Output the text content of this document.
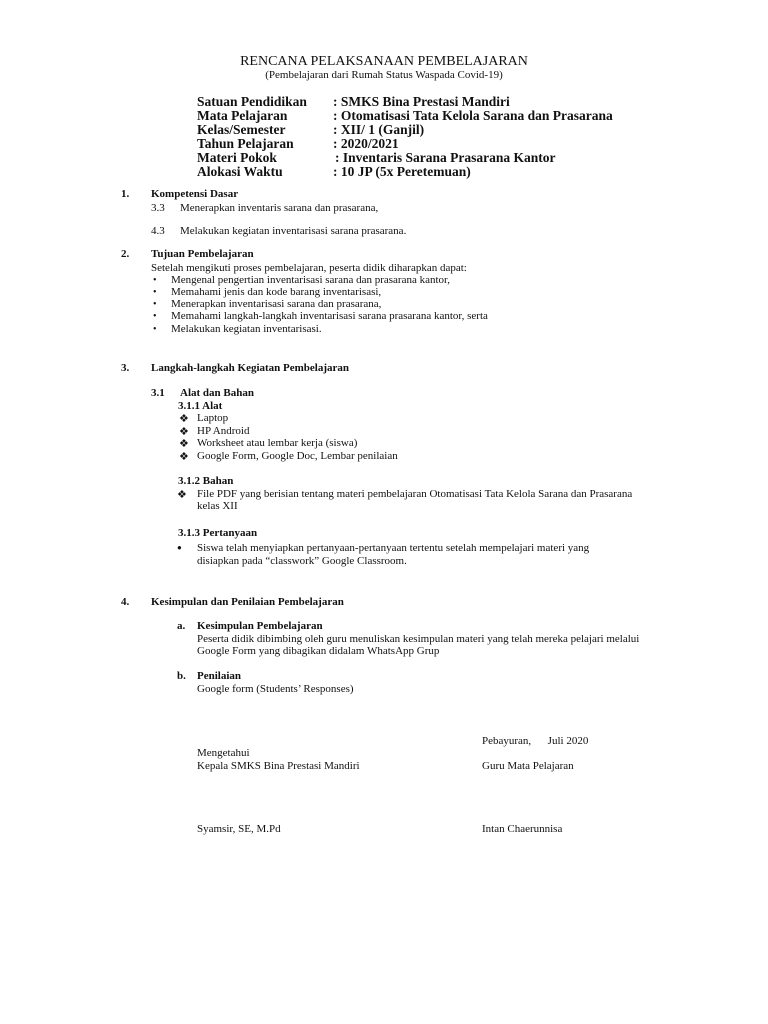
RENCANA PELAKSANAAN PEMBELAJARAN
(Pembelajaran dari Rumah Status Waspada Covid-19)
Satuan Pendidikan : SMKS Bina Prestasi Mandiri
Mata Pelajaran	: Otomatisasi Tata Kelola Sarana dan Prasarana
Kelas/Semester	: XII/ 1 (Ganjil)
Tahun Pelajaran	: 2020/2021
Materi Pokok	: Inventaris Sarana Prasarana Kantor
Alokasi Waktu	: 10 JP (5x Peretemuan)
1. Kompetensi Dasar
3.3 Menerapkan inventaris sarana dan prasarana,
4.3 Melakukan kegiatan inventarisasi sarana prasarana.
2. Tujuan Pembelajaran
Setelah mengikuti proses pembelajaran, peserta didik diharapkan dapat:
• Mengenal pengertian inventarisasi sarana dan prasarana kantor,
• Memahami jenis dan kode barang inventarisasi,
• Menerapkan inventarisasi sarana dan prasarana,
• Memahami langkah-langkah inventarisasi sarana prasarana kantor, serta
• Melakukan kegiatan inventarisasi.
3. Langkah-langkah Kegiatan Pembelajaran
3.1 Alat dan Bahan
3.1.1 Alat
❖ Laptop
❖ HP Android
❖ Worksheet atau lembar kerja (siswa)
❖ Google Form, Google Doc, Lembar penilaian
3.1.2 Bahan
❖ File PDF yang berisian tentang materi pembelajaran Otomatisasi Tata Kelola Sarana dan Prasarana
kelas XII
3.1.3 Pertanyaan
● Siswa telah menyiapkan pertanyaan-pertanyaan tertentu setelah mempelajari materi yang
disiapkan pada “classwork” Google Classroom.
4. Kesimpulan dan Penilaian Pembelajaran
a. Kesimpulan Pembelajaran
Peserta didik dibimbing oleh guru menuliskan kesimpulan materi yang telah mereka pelajari melalui
Google Form yang dibagikan didalam WhatsApp Grup
b. Penilaian
Google form (Students’ Responses)
Pebayuran,      Juli 2020
Mengetahui
Kepala SMKS Bina Prestasi Mandiri	Guru Mata Pelajaran
Syamsir, SE, M.Pd	Intan Chaerunnisa
